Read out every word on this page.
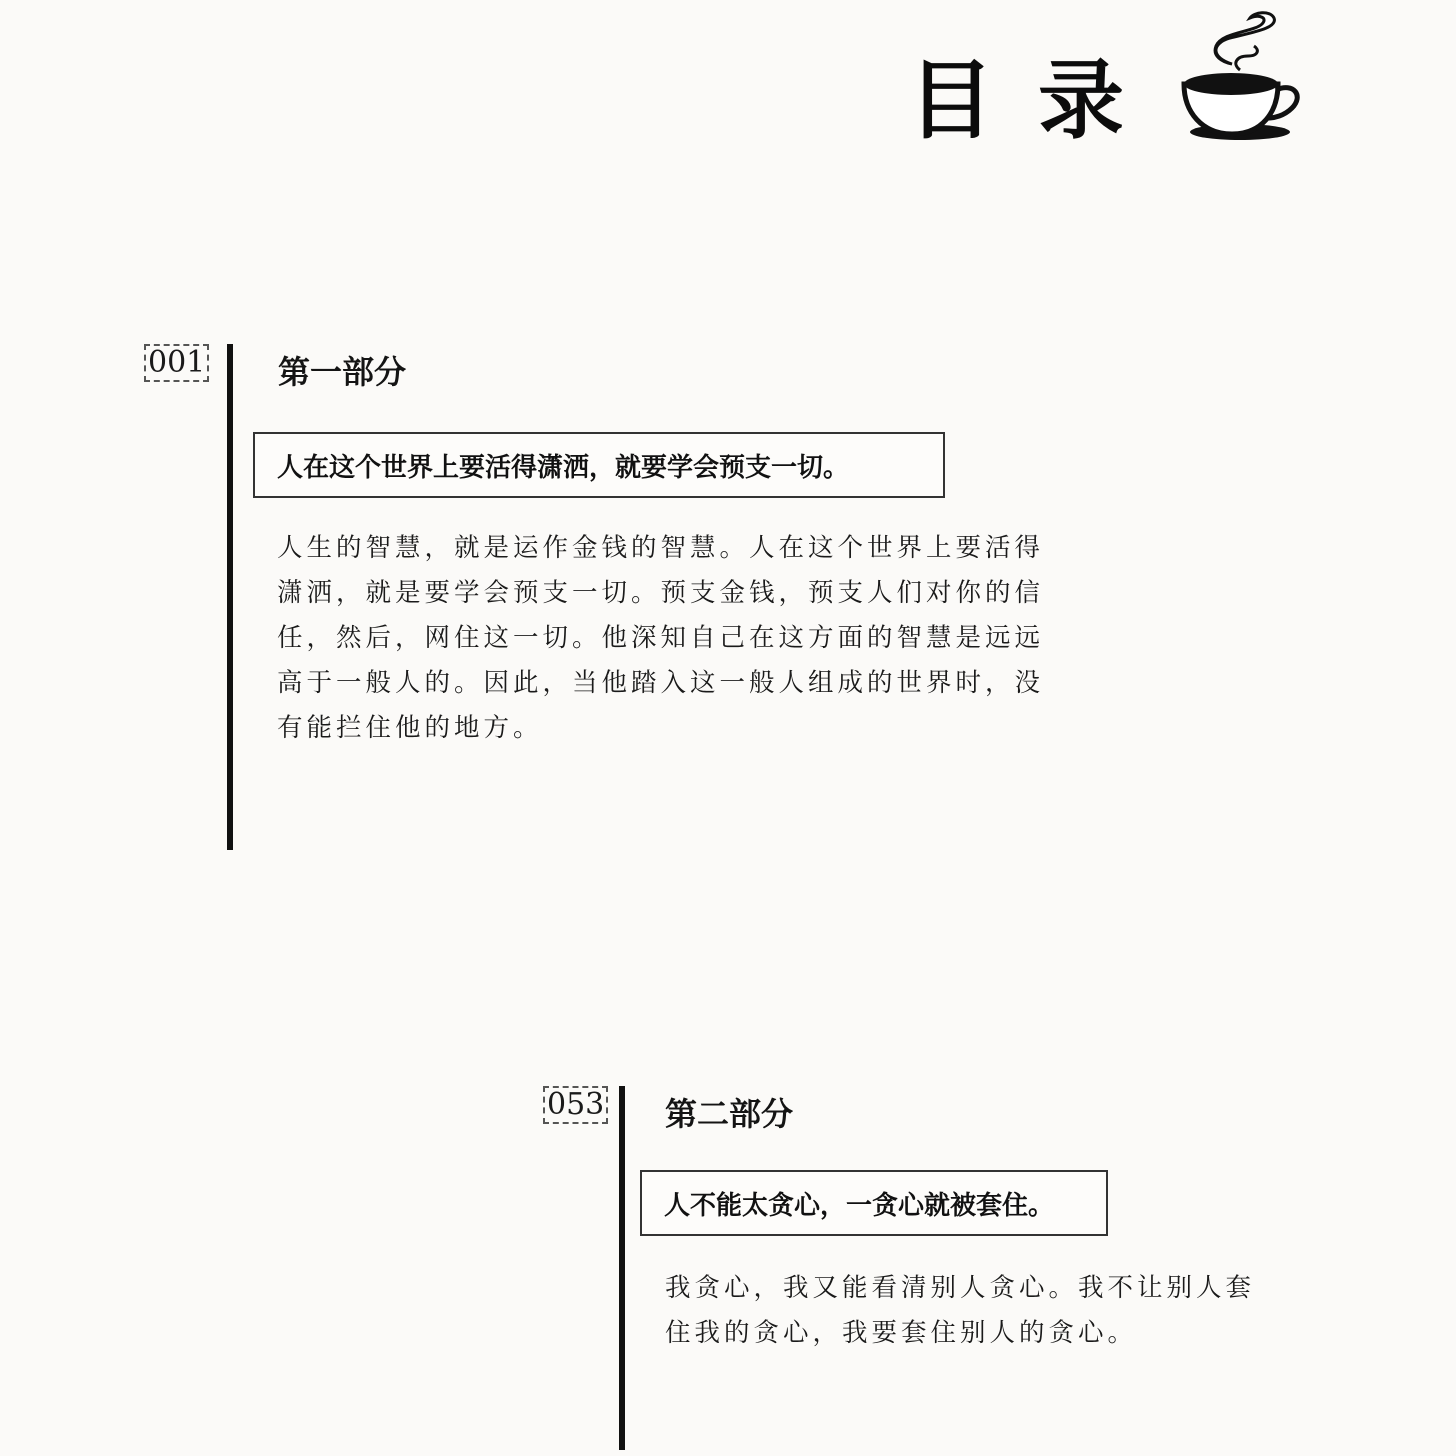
目录
001 第一部分
人在这个世界上要活得潇洒，就要学会预支一切。
人生的智慧，就是运作金钱的智慧。人在这个世界上要活得
潇洒，就是要学会预支一切。预支金钱，预支人们对你的信
任，然后，网住这一切。他深知自己在这方面的智慧是远远
高于一般人的。因此，当他踏入这一般人组成的世界时，没
有能拦住他的地方。
053 第二部分
人不能太贪心，一贪心就被套住。
我贪心，我又能看清别人贪心。我不让别人套
住我的贪心，我要套住别人的贪心。
